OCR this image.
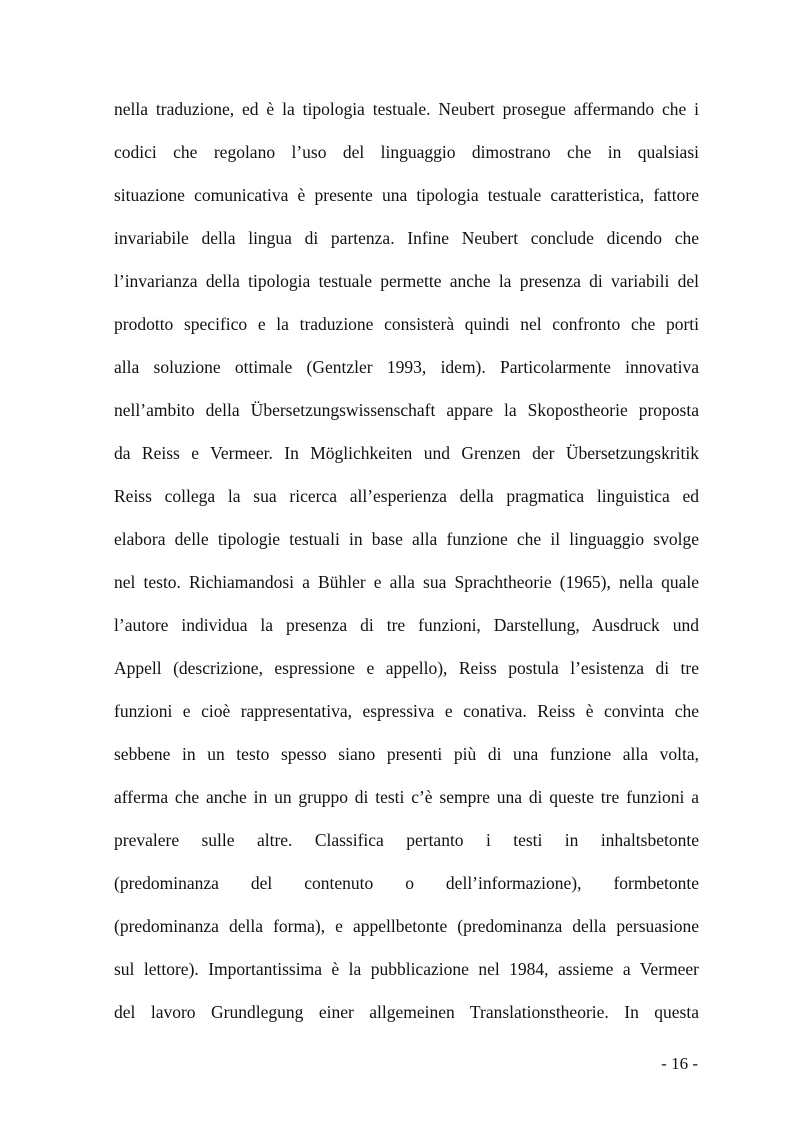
nella traduzione, ed è la tipologia testuale. Neubert prosegue affermando che i
codici che regolano l’uso del linguaggio dimostrano che in qualsiasi
situazione comunicativa è presente una tipologia testuale caratteristica, fattore
invariabile della lingua di partenza. Infine Neubert conclude dicendo che
l’invarianza della tipologia testuale permette anche la presenza di variabili del
prodotto specifico e la traduzione consisterà quindi nel confronto che porti
alla soluzione ottimale (Gentzler 1993, idem). Particolarmente innovativa
nell’ambito della Übersetzungswissenschaft appare la Skopostheorie proposta
da Reiss e Vermeer. In Möglichkeiten und Grenzen der Übersetzungskritik
Reiss collega la sua ricerca all’esperienza della pragmatica linguistica ed
elabora delle tipologie testuali in base alla funzione che il linguaggio svolge
nel testo. Richiamandosi a Bühler e alla sua Sprachtheorie (1965), nella quale
l’autore individua la presenza di tre funzioni, Darstellung, Ausdruck und
Appell (descrizione, espressione e appello), Reiss postula l’esistenza di tre
funzioni e cioè rappresentativa, espressiva e conativa. Reiss è convinta che
sebbene in un testo spesso siano presenti più di una funzione alla volta,
afferma che anche in un gruppo di testi c’è sempre una di queste tre funzioni a
prevalere sulle altre. Classifica pertanto i testi in inhaltsbetonte
(predominanza del contenuto o dell’informazione), formbetonte
(predominanza della forma), e appellbetonte (predominanza della persuasione
sul lettore). Importantissima è la pubblicazione nel 1984, assieme a Vermeer
del lavoro Grundlegung einer allgemeinen Translationstheorie. In questa
- 16 -
